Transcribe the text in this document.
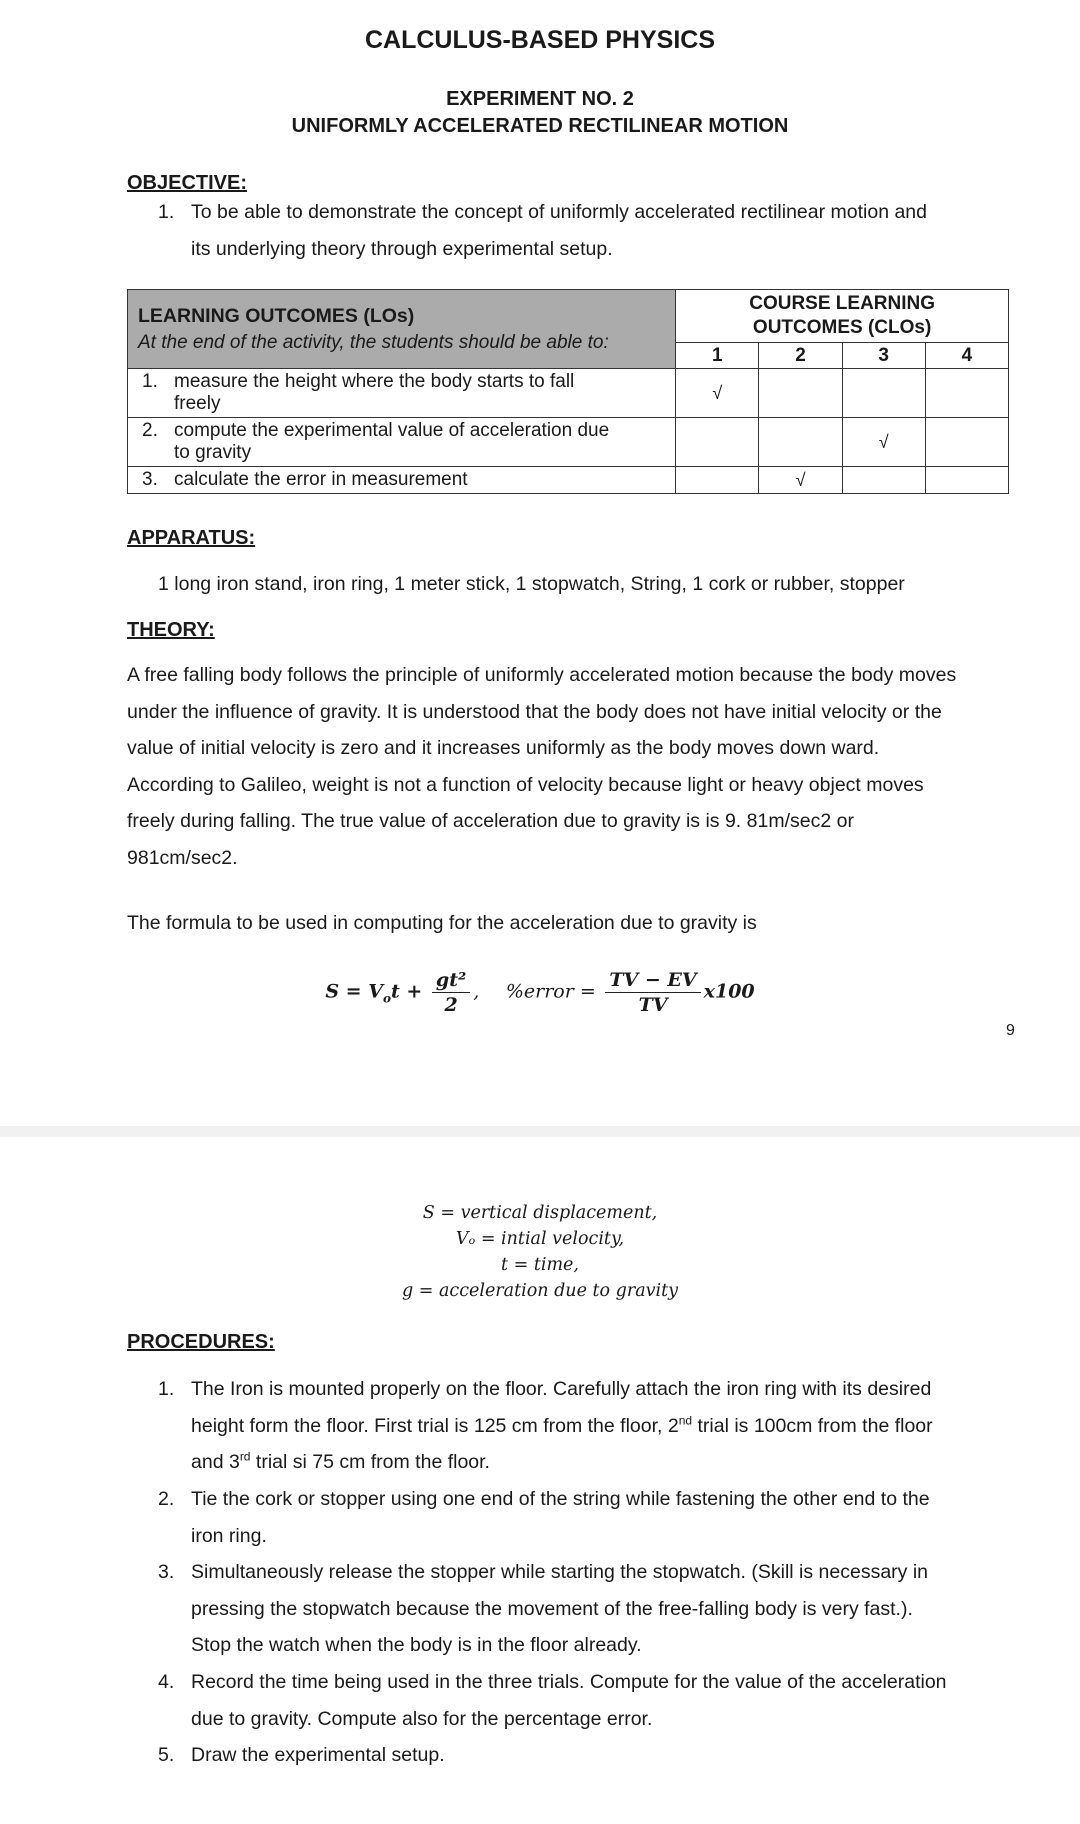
CALCULUS-BASED PHYSICS
EXPERIMENT NO. 2
UNIFORMLY ACCELERATED RECTILINEAR MOTION
OBJECTIVE:
1. To be able to demonstrate the concept of uniformly accelerated rectilinear motion and
its underlying theory through experimental setup.
LEARNING OUTCOMES (LOs)
At the end of the activity, the students should be able to:	COURSE LEARNING
OUTCOMES (CLOs)			
	1	2	3	4
1. measure the height where the body starts to fall freely	√			
2. compute the experimental value of acceleration due to gravity			√	
3. calculate the error in measurement		√		
APPARATUS:
1 long iron stand, iron ring, 1 meter stick, 1 stopwatch, String, 1 cork or rubber, stopper
THEORY:
A free falling body follows the principle of uniformly accelerated motion because the body moves
under the influence of gravity. It is understood that the body does not have initial velocity or the
value of initial velocity is zero and it increases uniformly as the body moves down ward.
According to Galileo, weight is not a function of velocity because light or heavy object moves
freely during falling. The true value of acceleration due to gravity is is 9. 81m/sec2 or
981cm/sec2.
The formula to be used in computing for the acceleration due to gravity is
$S = V_ot + \frac{\text{gt²}}{2}$ , %error = $\frac{TV - EV}{TV} x100$
9
S = vertical displacement,
Vₒ = intial velocity,
t = time,
g = acceleration due to gravity
PROCEDURES:
1. The Iron is mounted properly on the floor. Carefully attach the iron ring with its desired
height form the floor. First trial is 125 cm from the floor, 2nd trial is 100cm from the floor
and 3rd trial si 75 cm from the floor.
2. Tie the cork or stopper using one end of the string while fastening the other end to the
iron ring.
3. Simultaneously release the stopper while starting the stopwatch. (Skill is necessary in
pressing the stopwatch because the movement of the free-falling body is very fast.).
Stop the watch when the body is in the floor already.
4. Record the time being used in the three trials. Compute for the value of the acceleration
due to gravity. Compute also for the percentage error.
5. Draw the experimental setup.
